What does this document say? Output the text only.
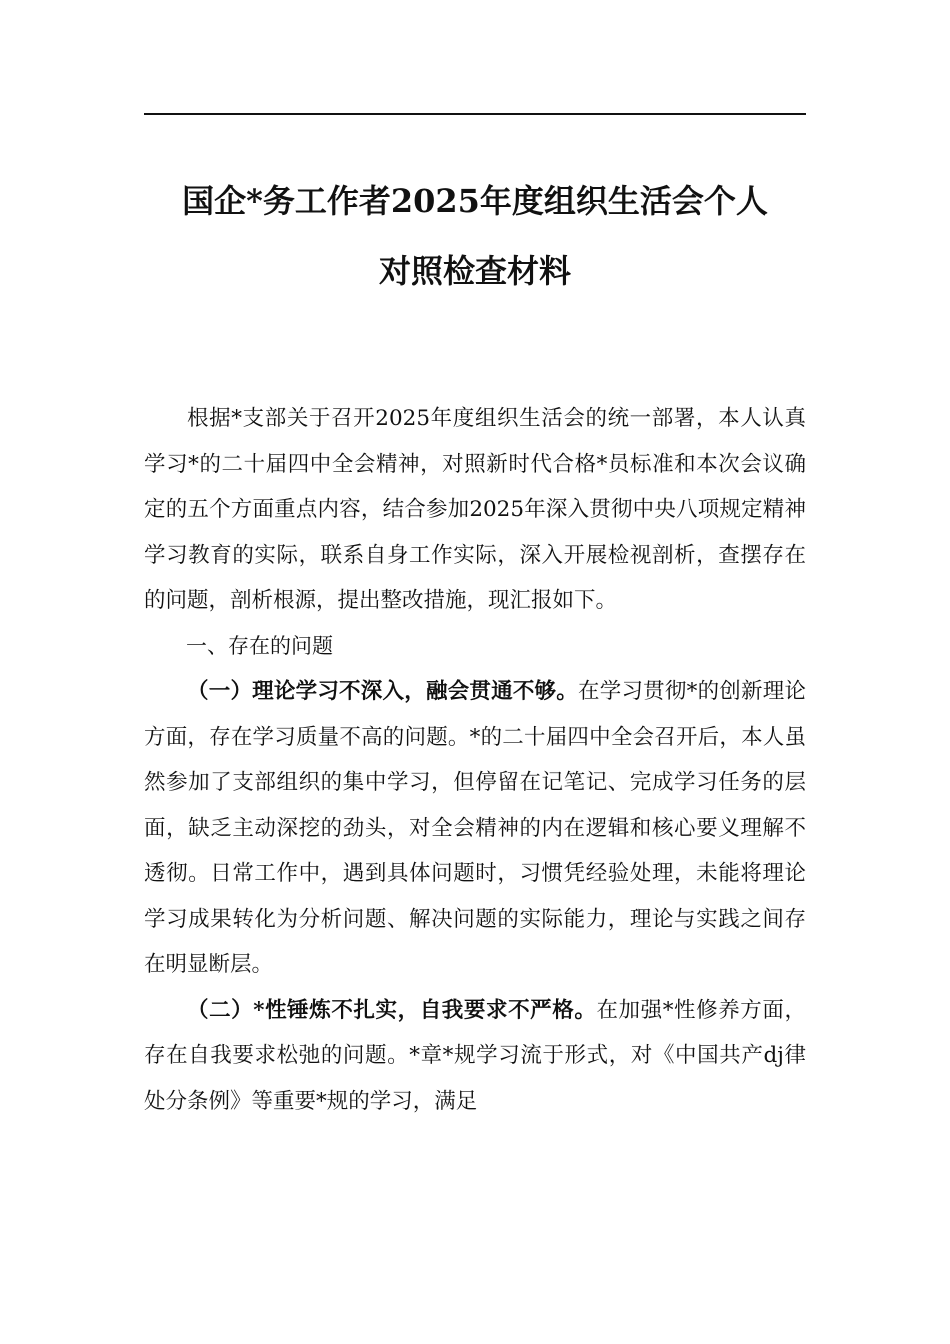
国企*务工作者2025年度组织生活会个人
对照检查材料

根据*支部关于召开2025年度组织生活会的统一部署，本人认真学习*的二十届四中全会精神，对照新时代合格*员标准和本次会议确定的五个方面重点内容，结合参加2025年深入贯彻中央八项规定精神学习教育的实际，联系自身工作实际，深入开展检视剖析，查摆存在的问题，剖析根源，提出整改措施，现汇报如下。

一、存在的问题

（一）理论学习不深入，融会贯通不够。在学习贯彻*的创新理论方面，存在学习质量不高的问题。*的二十届四中全会召开后，本人虽然参加了支部组织的集中学习，但停留在记笔记、完成学习任务的层面，缺乏主动深挖的劲头，对全会精神的内在逻辑和核心要义理解不透彻。日常工作中，遇到具体问题时，习惯凭经验处理，未能将理论学习成果转化为分析问题、解决问题的实际能力，理论与实践之间存在明显断层。

（二）*性锤炼不扎实，自我要求不严格。在加强*性修养方面，存在自我要求松弛的问题。*章*规学习流于形式，对《中国共产dj律处分条例》等重要*规的学习，满足
